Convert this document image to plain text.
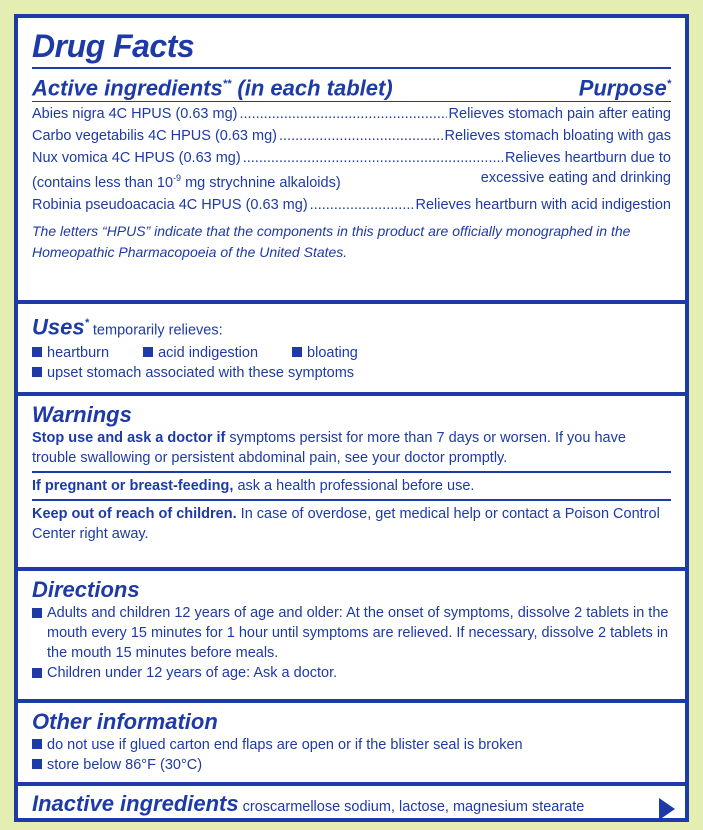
Drug Facts
Active ingredients** (in each tablet)	Purpose*
Abies nigra 4C HPUS (0.63 mg) .....	Relieves stomach pain after eating
Carbo vegetabilis 4C HPUS (0.63 mg) .....	Relieves stomach bloating with gas
Nux vomica 4C HPUS (0.63 mg) .....	Relieves heartburn due to
(contains less than $10^{-9}$ mg strychnine alkaloids)	excessive eating and drinking
Robinia pseudoacacia 4C HPUS (0.63 mg) .....	Relieves heartburn with acid indigestion
The letters “HPUS” indicate that the components in this product are officially monographed in the Homeopathic Pharmacopoeia of the United States.
Uses* temporarily relieves:
heartburn	acid indigestion	bloating
upset stomach associated with these symptoms
Warnings
Stop use and ask a doctor if symptoms persist for more than 7 days or worsen. If you have trouble swallowing or persistent abdominal pain, see your doctor promptly.
If pregnant or breast-feeding, ask a health professional before use.
Keep out of reach of children. In case of overdose, get medical help or contact a Poison Control Center right away.
Directions
Adults and children 12 years of age and older: At the onset of symptoms, dissolve 2 tablets in the mouth every 15 minutes for 1 hour until symptoms are relieved. If necessary, dissolve 2 tablets in the mouth 15 minutes before meals.
Children under 12 years of age: Ask a doctor.
Other information
do not use if glued carton end flaps are open or if the blister seal is broken
store below 86°F (30°C)
Inactive ingredients croscarmellose sodium, lactose, magnesium stearate
